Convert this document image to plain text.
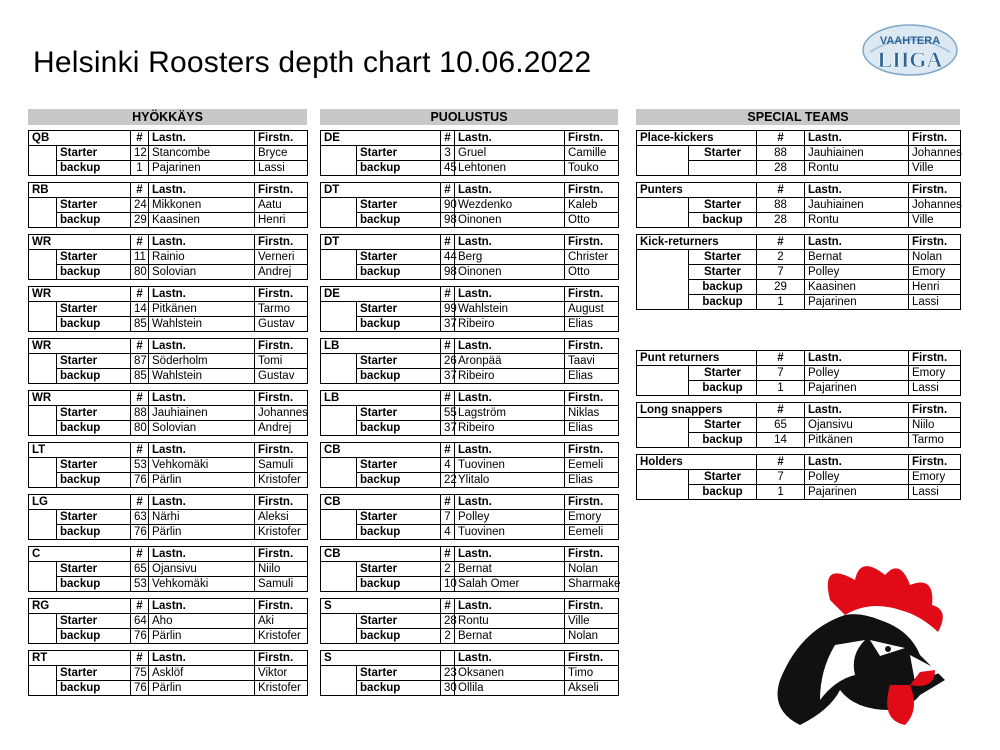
Helsinki Roosters depth chart 10.06.2022
VAAHTERA
LIIGA
HYÖKKÄYS
QB		#	Lastn.	Firstn.
	Starter	12	Stancombe	Bryce
	backup	1	Pajarinen	Lassi
RB		#	Lastn.	Firstn.
	Starter	24	Mikkonen	Aatu
	backup	29	Kaasinen	Henri
WR		#	Lastn.	Firstn.
	Starter	11	Rainio	Verneri
	backup	80	Solovian	Andrej
WR		#	Lastn.	Firstn.
	Starter	14	Pitkänen	Tarmo
	backup	85	Wahlstein	Gustav
WR		#	Lastn.	Firstn.
	Starter	87	Söderholm	Tomi
	backup	85	Wahlstein	Gustav
WR		#	Lastn.	Firstn.
	Starter	88	Jauhiainen	Johannes
	backup	80	Solovian	Andrej
LT		#	Lastn.	Firstn.
	Starter	53	Vehkomäki	Samuli
	backup	76	Pärlin	Kristofer
LG		#	Lastn.	Firstn.
	Starter	63	Närhi	Aleksi
	backup	76	Pärlin	Kristofer
C		#	Lastn.	Firstn.
	Starter	65	Ojansivu	Niilo
	backup	53	Vehkomäki	Samuli
RG		#	Lastn.	Firstn.
	Starter	64	Aho	Aki
	backup	76	Pärlin	Kristofer
RT		#	Lastn.	Firstn.
	Starter	75	Asklöf	Viktor
	backup	76	Pärlin	Kristofer
PUOLUSTUS
DE		#	Lastn.	Firstn.
	Starter	3	Gruel	Camille
	backup	45	Lehtonen	Touko
DT		#	Lastn.	Firstn.
	Starter	90	Wezdenko	Kaleb
	backup	98	Oinonen	Otto
DT		#	Lastn.	Firstn.
	Starter	44	Berg	Christer
	backup	98	Oinonen	Otto
DE		#	Lastn.	Firstn.
	Starter	99	Wahlstein	August
	backup	37	Ribeiro	Elias
LB		#	Lastn.	Firstn.
	Starter	26	Aronpää	Taavi
	backup	37	Ribeiro	Elias
LB		#	Lastn.	Firstn.
	Starter	55	Lagström	Niklas
	backup	37	Ribeiro	Elias
CB		#	Lastn.	Firstn.
	Starter	4	Tuovinen	Eemeli
	backup	22	Ylitalo	Elias
CB		#	Lastn.	Firstn.
	Starter	7	Polley	Emory
	backup	4	Tuovinen	Eemeli
CB		#	Lastn.	Firstn.
	Starter	2	Bernat	Nolan
	backup	10	Salah Omer	Sharmake
S		#	Lastn.	Firstn.
	Starter	28	Rontu	Ville
	backup	2	Bernat	Nolan
S			Lastn.	Firstn.
	Starter	23	Oksanen	Timo
	backup	30	Ollila	Akseli
SPECIAL TEAMS
Place-kickers		#	Lastn.	Firstn.
	Starter	88	Jauhiainen	Johannes
		28	Rontu	Ville
Punters		#	Lastn.	Firstn.
	Starter	88	Jauhiainen	Johannes
	backup	28	Rontu	Ville
Kick-returners		#	Lastn.	Firstn.
	Starter	2	Bernat	Nolan
	Starter	7	Polley	Emory
	backup	29	Kaasinen	Henri
	backup	1	Pajarinen	Lassi
Punt returners		#	Lastn.	Firstn.
	Starter	7	Polley	Emory
	backup	1	Pajarinen	Lassi
Long snappers		#	Lastn.	Firstn.
	Starter	65	Ojansivu	Niilo
	backup	14	Pitkänen	Tarmo
Holders		#	Lastn.	Firstn.
	Starter	7	Polley	Emory
	backup	1	Pajarinen	Lassi
